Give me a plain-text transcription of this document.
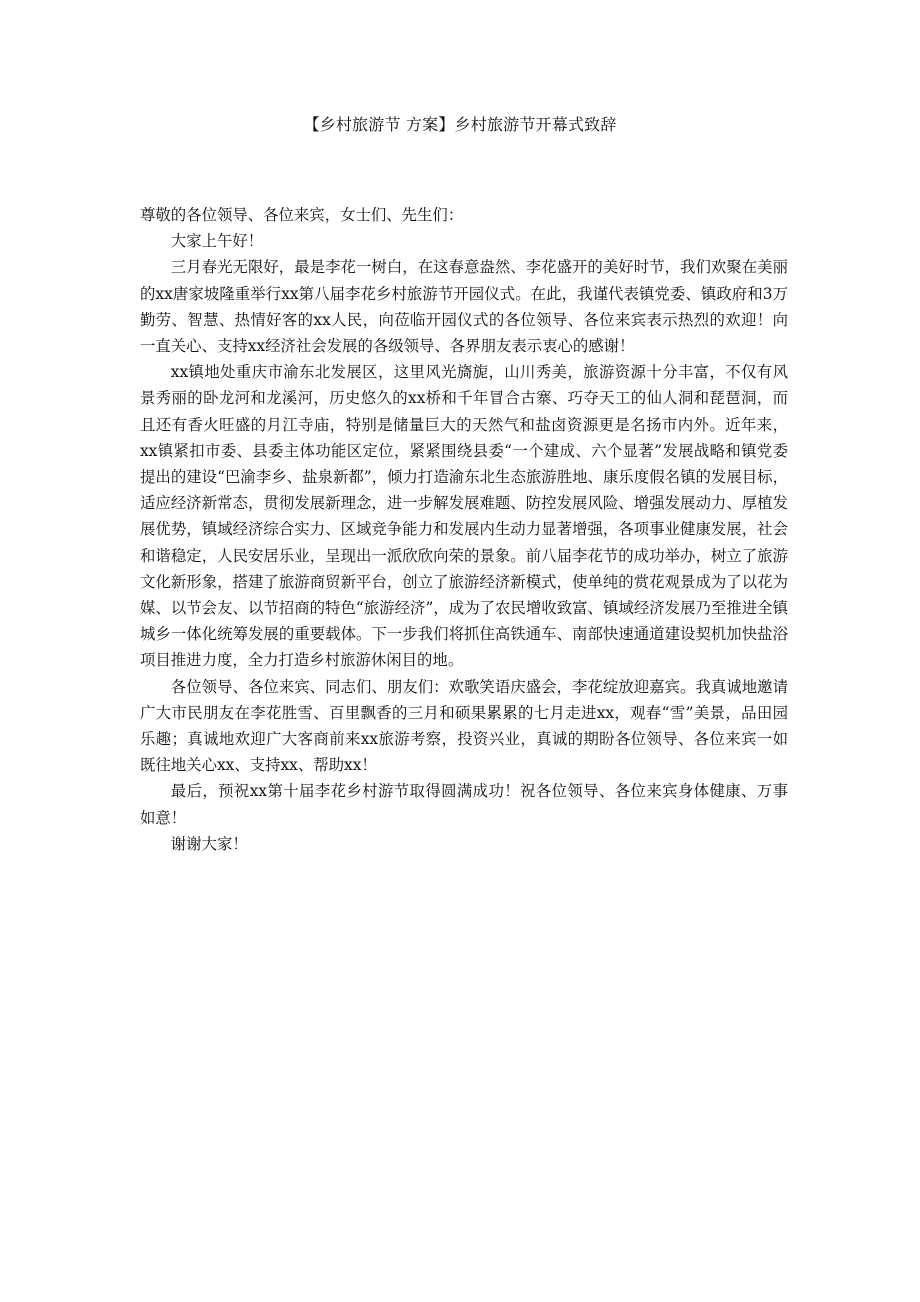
【乡村旅游节 方案】乡村旅游节开幕式致辞

尊敬的各位领导、各位来宾，女士们、先生们：

大家上午好！

三月春光无限好，最是李花一树白，在这春意盎然、李花盛开的美好时节，我们欢聚在美丽的xx唐家坡隆重举行xx第八届李花乡村旅游节开园仪式。在此，我谨代表镇党委、镇政府和3万勤劳、智慧、热情好客的xx人民，向莅临开园仪式的各位领导、各位来宾表示热烈的欢迎！向一直关心、支持xx经济社会发展的各级领导、各界朋友表示衷心的感谢！

xx镇地处重庆市渝东北发展区，这里风光旖旎，山川秀美，旅游资源十分丰富，不仅有风景秀丽的卧龙河和龙溪河，历史悠久的xx桥和千年冒合古寨、巧夺天工的仙人洞和琵琶洞，而且还有香火旺盛的月江寺庙，特别是储量巨大的天然气和盐卤资源更是名扬市内外。近年来，xx镇紧扣市委、县委主体功能区定位，紧紧围绕县委“一个建成、六个显著”发展战略和镇党委提出的建设“巴渝李乡、盐泉新都”，倾力打造渝东北生态旅游胜地、康乐度假名镇的发展目标，适应经济新常态，贯彻发展新理念，进一步解发展难题、防控发展风险、增强发展动力、厚植发展优势，镇域经济综合实力、区域竞争能力和发展内生动力显著增强，各项事业健康发展，社会和谐稳定，人民安居乐业，呈现出一派欣欣向荣的景象。前八届李花节的成功举办，树立了旅游文化新形象，搭建了旅游商贸新平台，创立了旅游经济新模式，使单纯的赏花观景成为了以花为媒、以节会友、以节招商的特色“旅游经济”，成为了农民增收致富、镇域经济发展乃至推进全镇城乡一体化统筹发展的重要载体。下一步我们将抓住高铁通车、南部快速通道建设契机加快盐浴项目推进力度，全力打造乡村旅游休闲目的地。

各位领导、各位来宾、同志们、朋友们：欢歌笑语庆盛会，李花绽放迎嘉宾。我真诚地邀请广大市民朋友在李花胜雪、百里飘香的三月和硕果累累的七月走进xx，观春“雪”美景，品田园乐趣；真诚地欢迎广大客商前来xx旅游考察，投资兴业，真诚的期盼各位领导、各位来宾一如既往地关心xx、支持xx、帮助xx！

最后，预祝xx第十届李花乡村游节取得圆满成功！祝各位领导、各位来宾身体健康、万事如意！

谢谢大家！
